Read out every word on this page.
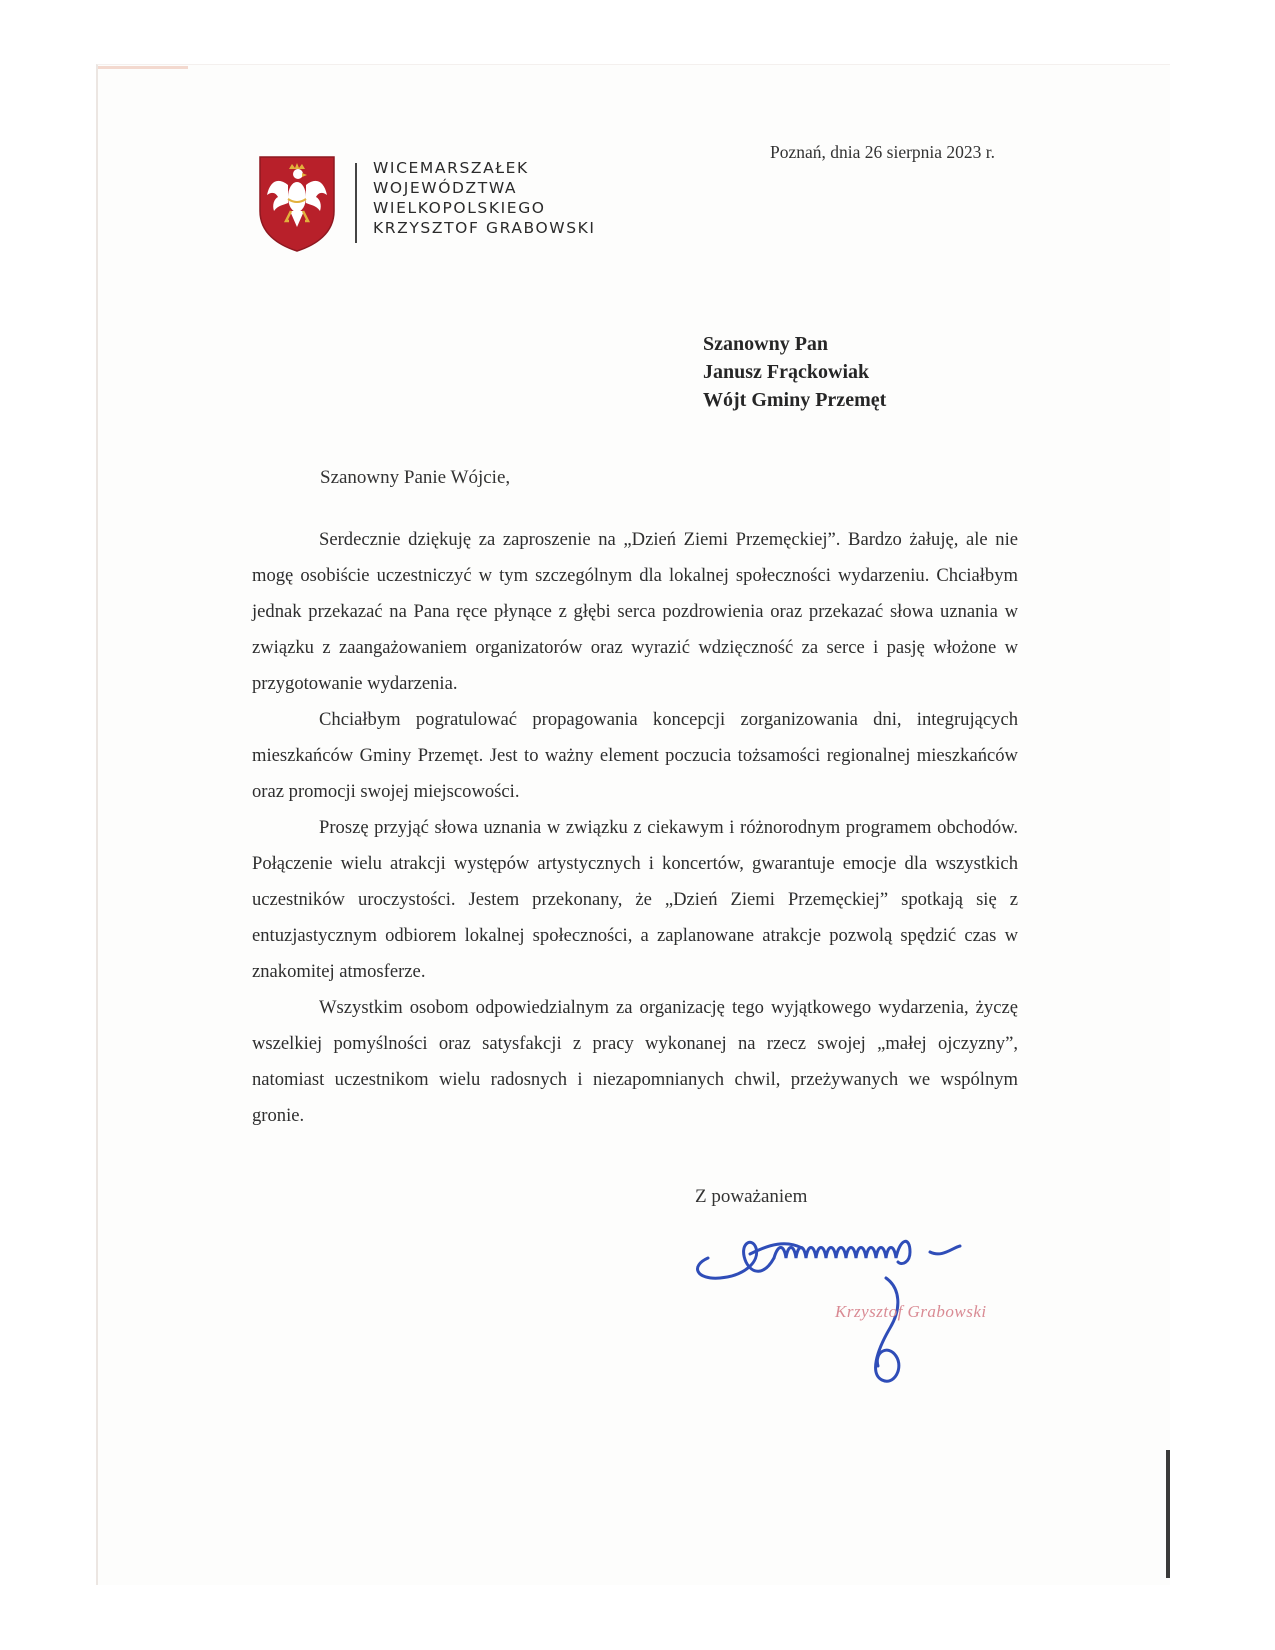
WICEMARSZAŁEK
WOJEWÓDZTWA
WIELKOPOLSKIEGO
KRZYSZTOF GRABOWSKI
Poznań, dnia 26 sierpnia 2023 r.
Szanowny Pan
Janusz Frąckowiak
Wójt Gminy Przemęt
Szanowny Panie Wójcie,

Serdecznie dziękuję za zaproszenie na „Dzień Ziemi Przemęckiej”. Bardzo żałuję, ale nie mogę osobiście uczestniczyć w tym szczególnym dla lokalnej społeczności wydarzeniu. Chciałbym jednak przekazać na Pana ręce płynące z głębi serca pozdrowienia oraz przekazać słowa uznania w związku z zaangażowaniem organizatorów oraz wyrazić wdzięczność za serce i pasję włożone w przygotowanie wydarzenia.

Chciałbym pogratulować propagowania koncepcji zorganizowania dni, integrujących mieszkańców Gminy Przemęt. Jest to ważny element poczucia tożsamości regionalnej mieszkańców oraz promocji swojej miejscowości.

Proszę przyjąć słowa uznania w związku z ciekawym i różnorodnym programem obchodów. Połączenie wielu atrakcji występów artystycznych i koncertów, gwarantuje emocje dla wszystkich uczestników uroczystości. Jestem przekonany, że „Dzień Ziemi Przemęckiej” spotkają się z entuzjastycznym odbiorem lokalnej społeczności, a zaplanowane atrakcje pozwolą spędzić czas w znakomitej atmosferze.

Wszystkim osobom odpowiedzialnym za organizację tego wyjątkowego wydarzenia, życzę wszelkiej pomyślności oraz satysfakcji z pracy wykonanej na rzecz swojej „małej ojczyzny”, natomiast uczestnikom wielu radosnych i niezapomnianych chwil, przeżywanych we wspólnym gronie.

Z poważaniem
Krzysztof Grabowski
